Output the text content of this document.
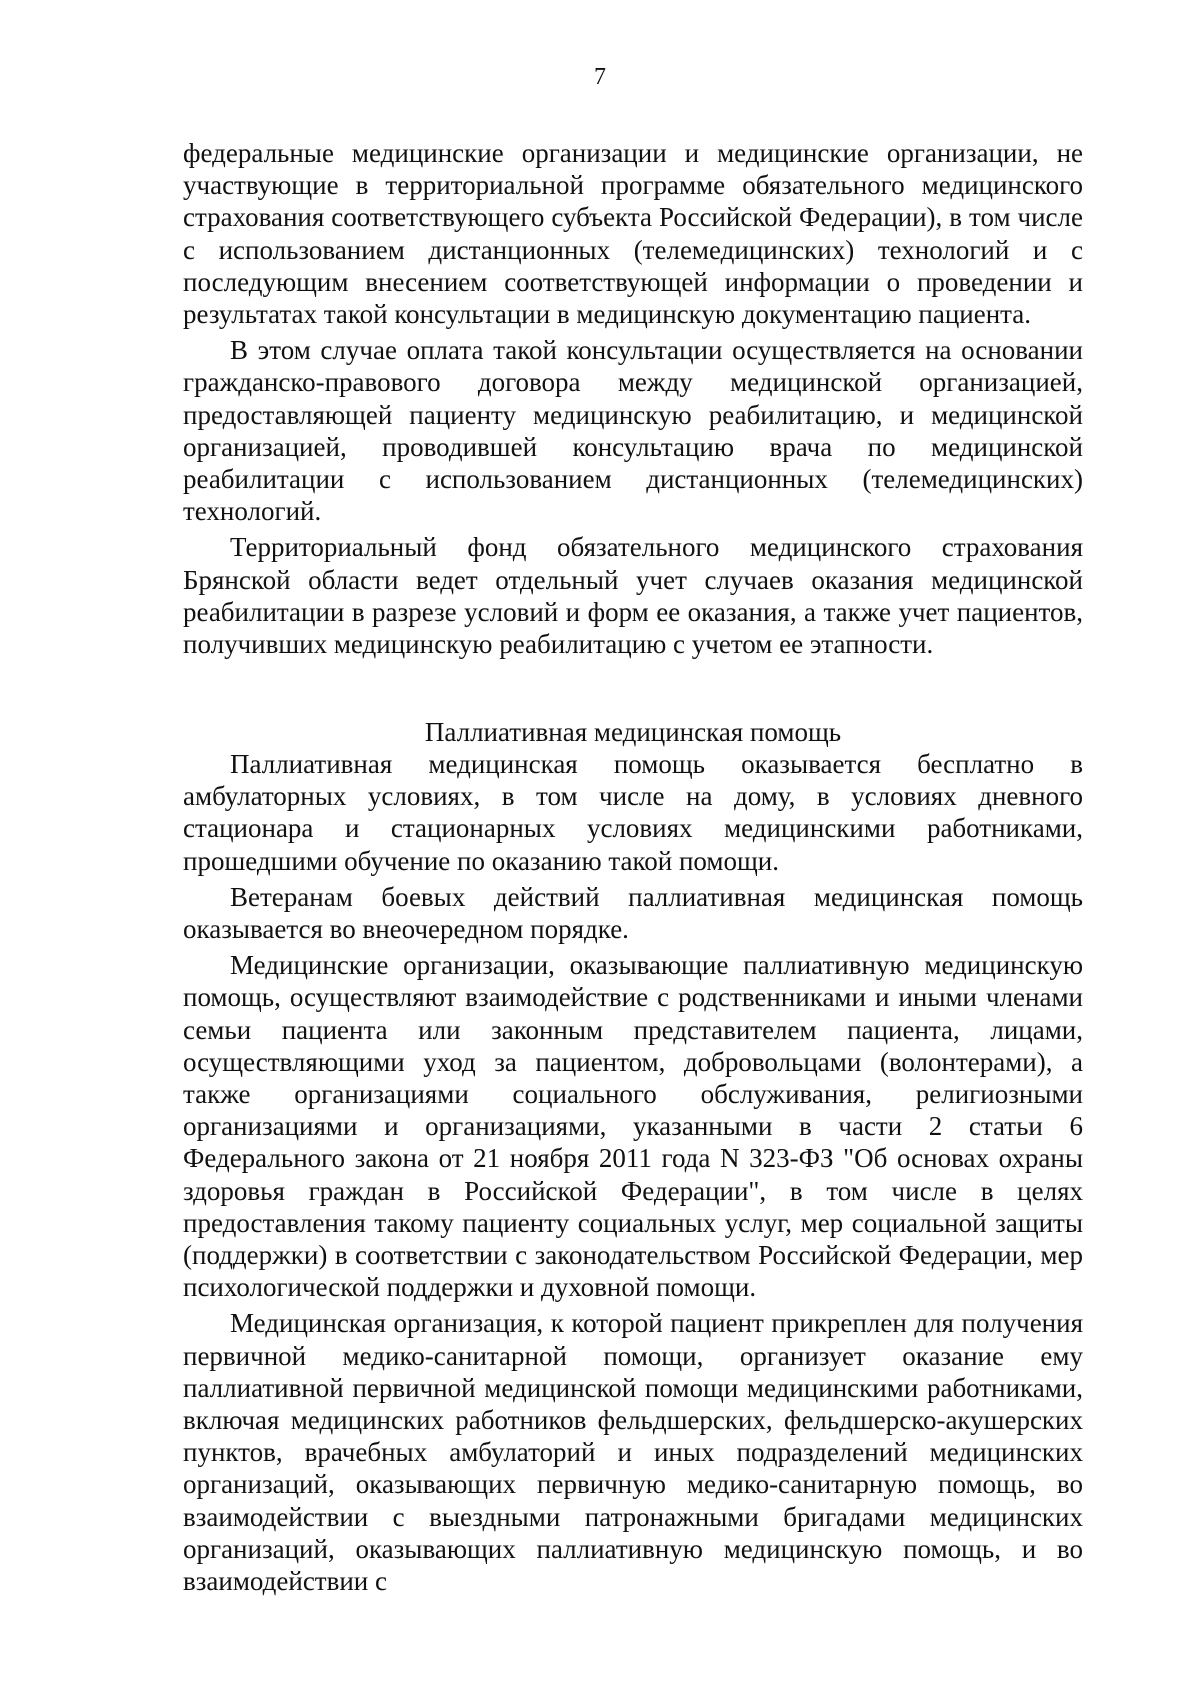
7

федеральные медицинские организации и медицинские организации, не участвующие в территориальной программе обязательного медицинского страхования соответствующего субъекта Российской Федерации), в том числе с использованием дистанционных (телемедицинских) технологий и с последующим внесением соответствующей информации о проведении и результатах такой консультации в медицинскую документацию пациента.

В этом случае оплата такой консультации осуществляется на основании гражданско-правового договора между медицинской организацией, предоставляющей пациенту медицинскую реабилитацию, и медицинской организацией, проводившей консультацию врача по медицинской реабилитации с использованием дистанционных (телемедицинских) технологий.

Территориальный фонд обязательного медицинского страхования Брянской области ведет отдельный учет случаев оказания медицинской реабилитации в разрезе условий и форм ее оказания, а также учет пациентов, получивших медицинскую реабилитацию с учетом ее этапности.

Паллиативная медицинская помощь

Паллиативная медицинская помощь оказывается бесплатно в амбулаторных условиях, в том числе на дому, в условиях дневного стационара и стационарных условиях медицинскими работниками, прошедшими обучение по оказанию такой помощи.

Ветеранам боевых действий паллиативная медицинская помощь оказывается во внеочередном порядке.

Медицинские организации, оказывающие паллиативную медицинскую помощь, осуществляют взаимодействие с родственниками и иными членами семьи пациента или законным представителем пациента, лицами, осуществляющими уход за пациентом, добровольцами (волонтерами), а также организациями социального обслуживания, религиозными организациями и организациями, указанными в части 2 статьи 6 Федерального закона от 21 ноября 2011 года N 323-ФЗ "Об основах охраны здоровья граждан в Российской Федерации", в том числе в целях предоставления такому пациенту социальных услуг, мер социальной защиты (поддержки) в соответствии с законодательством Российской Федерации, мер психологической поддержки и духовной помощи.

Медицинская организация, к которой пациент прикреплен для получения первичной медико-санитарной помощи, организует оказание ему паллиативной первичной медицинской помощи медицинскими работниками, включая медицинских работников фельдшерских, фельдшерско-акушерских пунктов, врачебных амбулаторий и иных подразделений медицинских организаций, оказывающих первичную медико-санитарную помощь, во взаимодействии с выездными патронажными бригадами медицинских организаций, оказывающих паллиативную медицинскую помощь, и во взаимодействии с
